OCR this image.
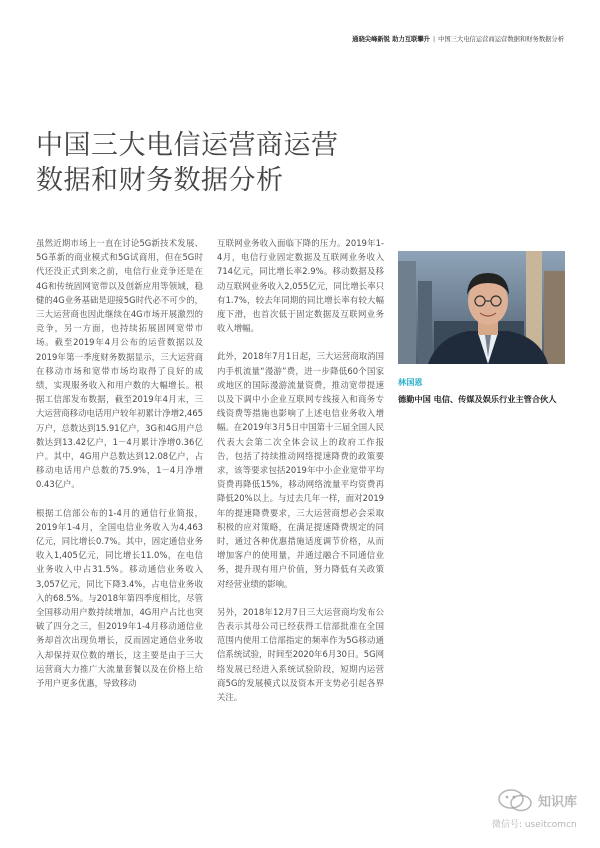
通晓尖峰新锐 助力互联攀升 | 中国三大电信运营商运营数据和财务数据分析
中国三大电信运营商运营
数据和财务数据分析

虽然近期市场上一直在讨论5G新技术发展、5G革新的商业模式和5G试商用，但在5G时代还没正式到来之前，电信行业竞争还是在4G和传统固网宽带以及创新应用等领域，稳健的4G业务基础是迎接5G时代必不可少的，三大运营商也因此继续在4G市场开展激烈的竞争，另一方面，也持续拓展固网宽带市场。截至2019年4月公布的运营数据以及2019年第一季度财务数据显示，三大运营商在移动市场和宽带市场均取得了良好的成绩，实现服务收入和用户数的大幅增长。根据工信部发布数据，截至2019年4月末，三大运营商移动电话用户较年初累计净增2,465万户，总数达到15.91亿户，3G和4G用户总数达到13.42亿户，1－4月累计净增0.36亿户。其中，4G用户总数达到12.08亿户，占移动电话用户总数的75.9%，1－4月净增0.43亿户。

根据工信部公布的1-4月的通信行业简报，2019年1-4月，全国电信业务收入为4,463亿元，同比增长0.7%。其中，固定通信业务收入1,405亿元，同比增长11.0%，在电信业务收入中占31.5%。移动通信业务收入3,057亿元，同比下降3.4%，占电信业务收入的68.5%。与2018年第四季度相比，尽管全国移动用户数持续增加，4G用户占比也突破了四分之三，但2019年1-4月移动通信业务却首次出现负增长，反而固定通信业务收入却保持双位数的增长，这主要是由于三大运营商大力推广大流量套餐以及在价格上给予用户更多优惠，导致移动

互联网业务收入面临下降的压力。2019年1-4月，电信行业固定数据及互联网业务收入714亿元，同比增长率2.9%。移动数据及移动互联网业务收入2,055亿元，同比增长率只有1.7%，较去年同期的同比增长率有较大幅度下滑，也首次低于固定数据及互联网业务收入增幅。

此外，2018年7月1日起，三大运营商取消国内手机流量“漫游”费，进一步降低60个国家或地区的国际漫游流量资费，推动宽带提速以及下调中小企业互联网专线接入和商务专线资费等措施也影响了上述电信业务收入增幅。在2019年3月5日中国第十三届全国人民代表大会第二次全体会议上的政府工作报告，包括了持续推动网络提速降费的政策要求，该等要求包括2019年中小企业宽带平均资费再降低15%，移动网络流量平均资费再降低20%以上。与过去几年一样，面对2019年的提速降费要求，三大运营商想必会采取积极的应对策略，在满足提速降费规定的同时，通过各种优惠措施适度调节价格，从而增加客户的使用量，并通过融合不同通信业务，提升现有用户价值，努力降低有关政策对经营业绩的影响。

另外，2018年12月7日三大运营商均发布公告表示其母公司已经获得工信部批准在全国范围内使用工信部指定的频率作为5G移动通信系统试验，时间至2020年6月30日。5G网络发展已经进入系统试验阶段，短期内运营商5G的发展模式以及资本开支势必引起各界关注。

林国恩
德勤中国 电信、传媒及娱乐行业主管合伙人
知识库
微信号: useitcomcn
